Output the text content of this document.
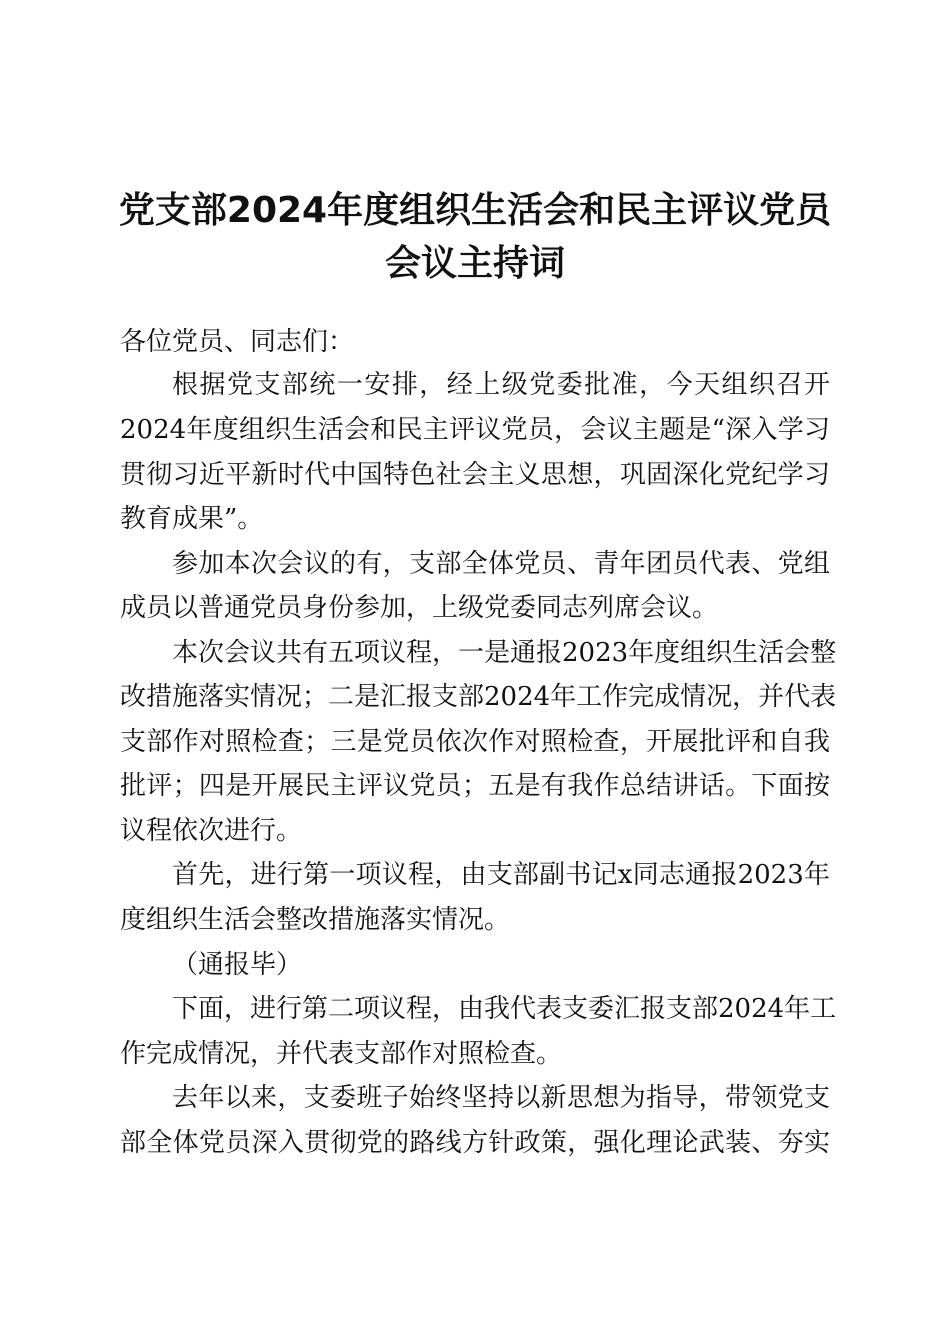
党支部2024年度组织生活会和民主评议党员
会议主持词
各位党员、同志们：
根据党支部统一安排，经上级党委批准，今天组织召开
2024年度组织生活会和民主评议党员，会议主题是“深入学习
贯彻习近平新时代中国特色社会主义思想，巩固深化党纪学习
教育成果”。
参加本次会议的有，支部全体党员、青年团员代表、党组
成员以普通党员身份参加，上级党委同志列席会议。
本次会议共有五项议程，一是通报2023年度组织生活会整
改措施落实情况；二是汇报支部2024年工作完成情况，并代表
支部作对照检查；三是党员依次作对照检查，开展批评和自我
批评；四是开展民主评议党员；五是有我作总结讲话。下面按
议程依次进行。
首先，进行第一项议程，由支部副书记x同志通报2023年
度组织生活会整改措施落实情况。
（通报毕）
下面，进行第二项议程，由我代表支委汇报支部2024年工
作完成情况，并代表支部作对照检查。
去年以来，支委班子始终坚持以新思想为指导，带领党支
部全体党员深入贯彻党的路线方针政策，强化理论武装、夯实
